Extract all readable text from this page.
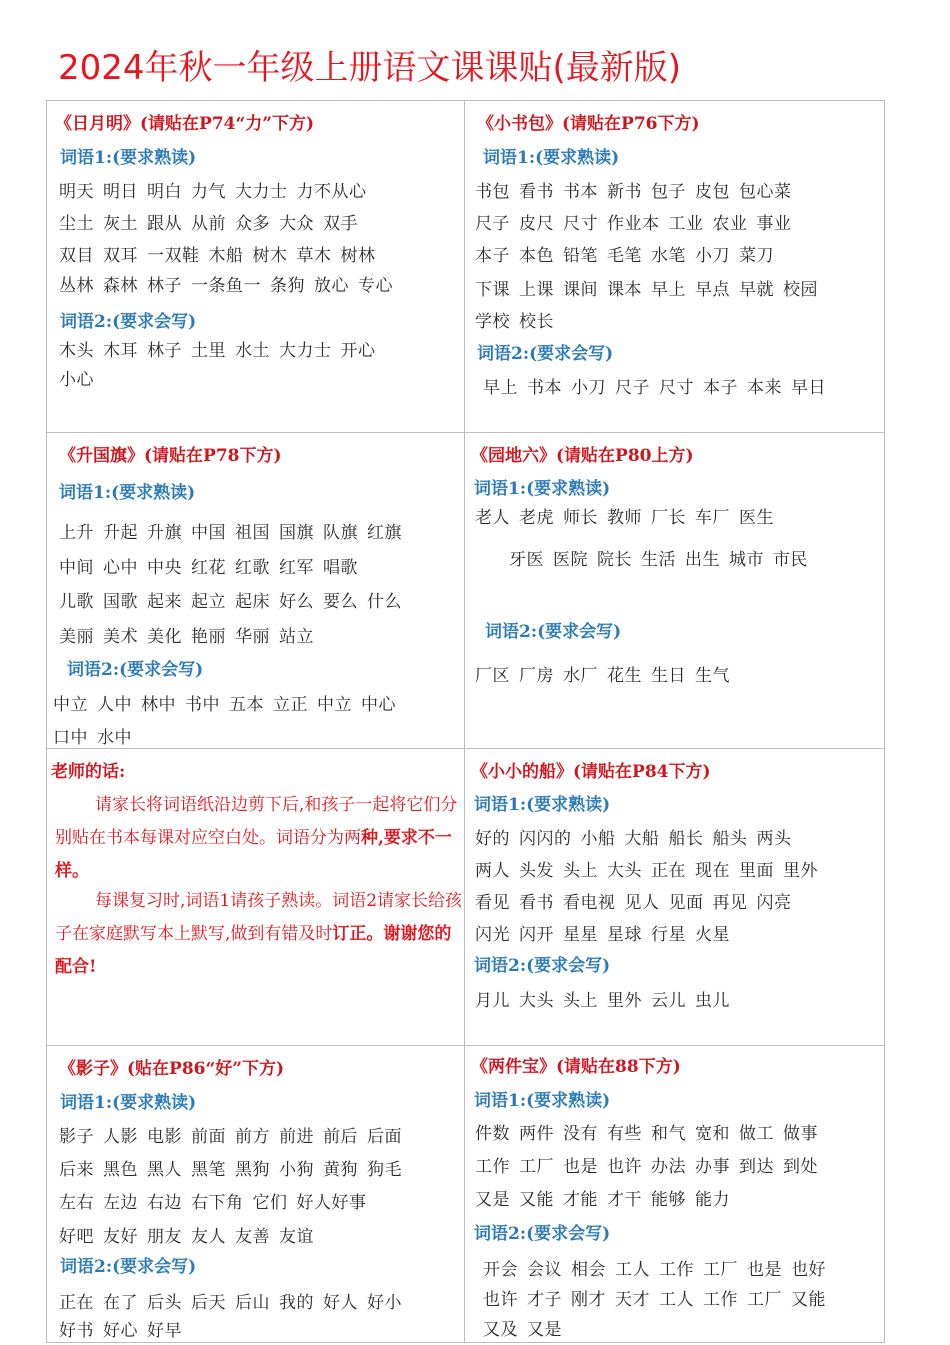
2024年秋一年级上册语文课课贴(最新版)
《日月明》(请贴在P74“力”下方)
词语1:(要求熟读)
明天 明日 明白 力气 大力士 力不从心
尘土 灰土 跟从 从前 众多 大众 双手
双目 双耳 一双鞋 木船 树木 草木 树林
丛林 森林 林子 一条鱼一 条狗 放心 专心
词语2:(要求会写)
木头 木耳 林子 土里 水土 大力士 开心
小心
《小书包》(请贴在P76下方)
词语1:(要求熟读)
书包 看书 书本 新书 包子 皮包 包心菜
尺子 皮尺 尺寸 作业本 工业 农业 事业
本子 本色 铅笔 毛笔 水笔 小刀 菜刀
下课 上课 课间 课本 早上 早点 早就 校园
学校 校长
词语2:(要求会写)
早上 书本 小刀 尺子 尺寸 本子 本来 早日
《升国旗》(请贴在P78下方)
词语1:(要求熟读)
上升 升起 升旗 中国 祖国 国旗 队旗 红旗
中间 心中 中央 红花 红歌 红军 唱歌
儿歌 国歌 起来 起立 起床 好么 要么 什么
美丽 美术 美化 艳丽 华丽 站立
词语2:(要求会写)
中立 人中 林中 书中 五本 立正 中立 中心
口中 水中
《园地六》(请贴在P80上方)
词语1:(要求熟读)
老人 老虎 师长 教师 厂长 车厂 医生
牙医 医院 院长 生活 出生 城市 市民
词语2:(要求会写)
厂区 厂房 水厂 花生 生日 生气
老师的话:
请家长将词语纸沿边剪下后,和孩子一起将它们分别贴在书本每课对应空白处。词语分为两种,要求不一样。
每课复习时,词语1请孩子熟读。词语2请家长给孩子在家庭默写本上默写,做到有错及时订正。谢谢您的配合!
《小小的船》(请贴在P84下方)
词语1:(要求熟读)
好的 闪闪的 小船 大船 船长 船头 两头
两人 头发 头上 大头 正在 现在 里面 里外
看见 看书 看电视 见人 见面 再见 闪亮
闪光 闪开 星星 星球 行星 火星
词语2:(要求会写)
月儿 大头 头上 里外 云儿 虫儿
《影子》(贴在P86“好”下方)
词语1:(要求熟读)
影子 人影 电影 前面 前方 前进 前后 后面
后来 黑色 黑人 黑笔 黑狗 小狗 黄狗 狗毛
左右 左边 右边 右下角 它们 好人好事
好吧 友好 朋友 友人 友善 友谊
词语2:(要求会写)
正在 在了 后头 后天 后山 我的 好人 好小
好书 好心 好早
《两件宝》(请贴在88下方)
词语1:(要求熟读)
件数 两件 没有 有些 和气 宽和 做工 做事
工作 工厂 也是 也许 办法 办事 到达 到处
又是 又能 才能 才干 能够 能力
词语2:(要求会写)
开会 会议 相会 工人 工作 工厂 也是 也好
也许 才子 刚才 天才 工人 工作 工厂 又能
又及 又是
